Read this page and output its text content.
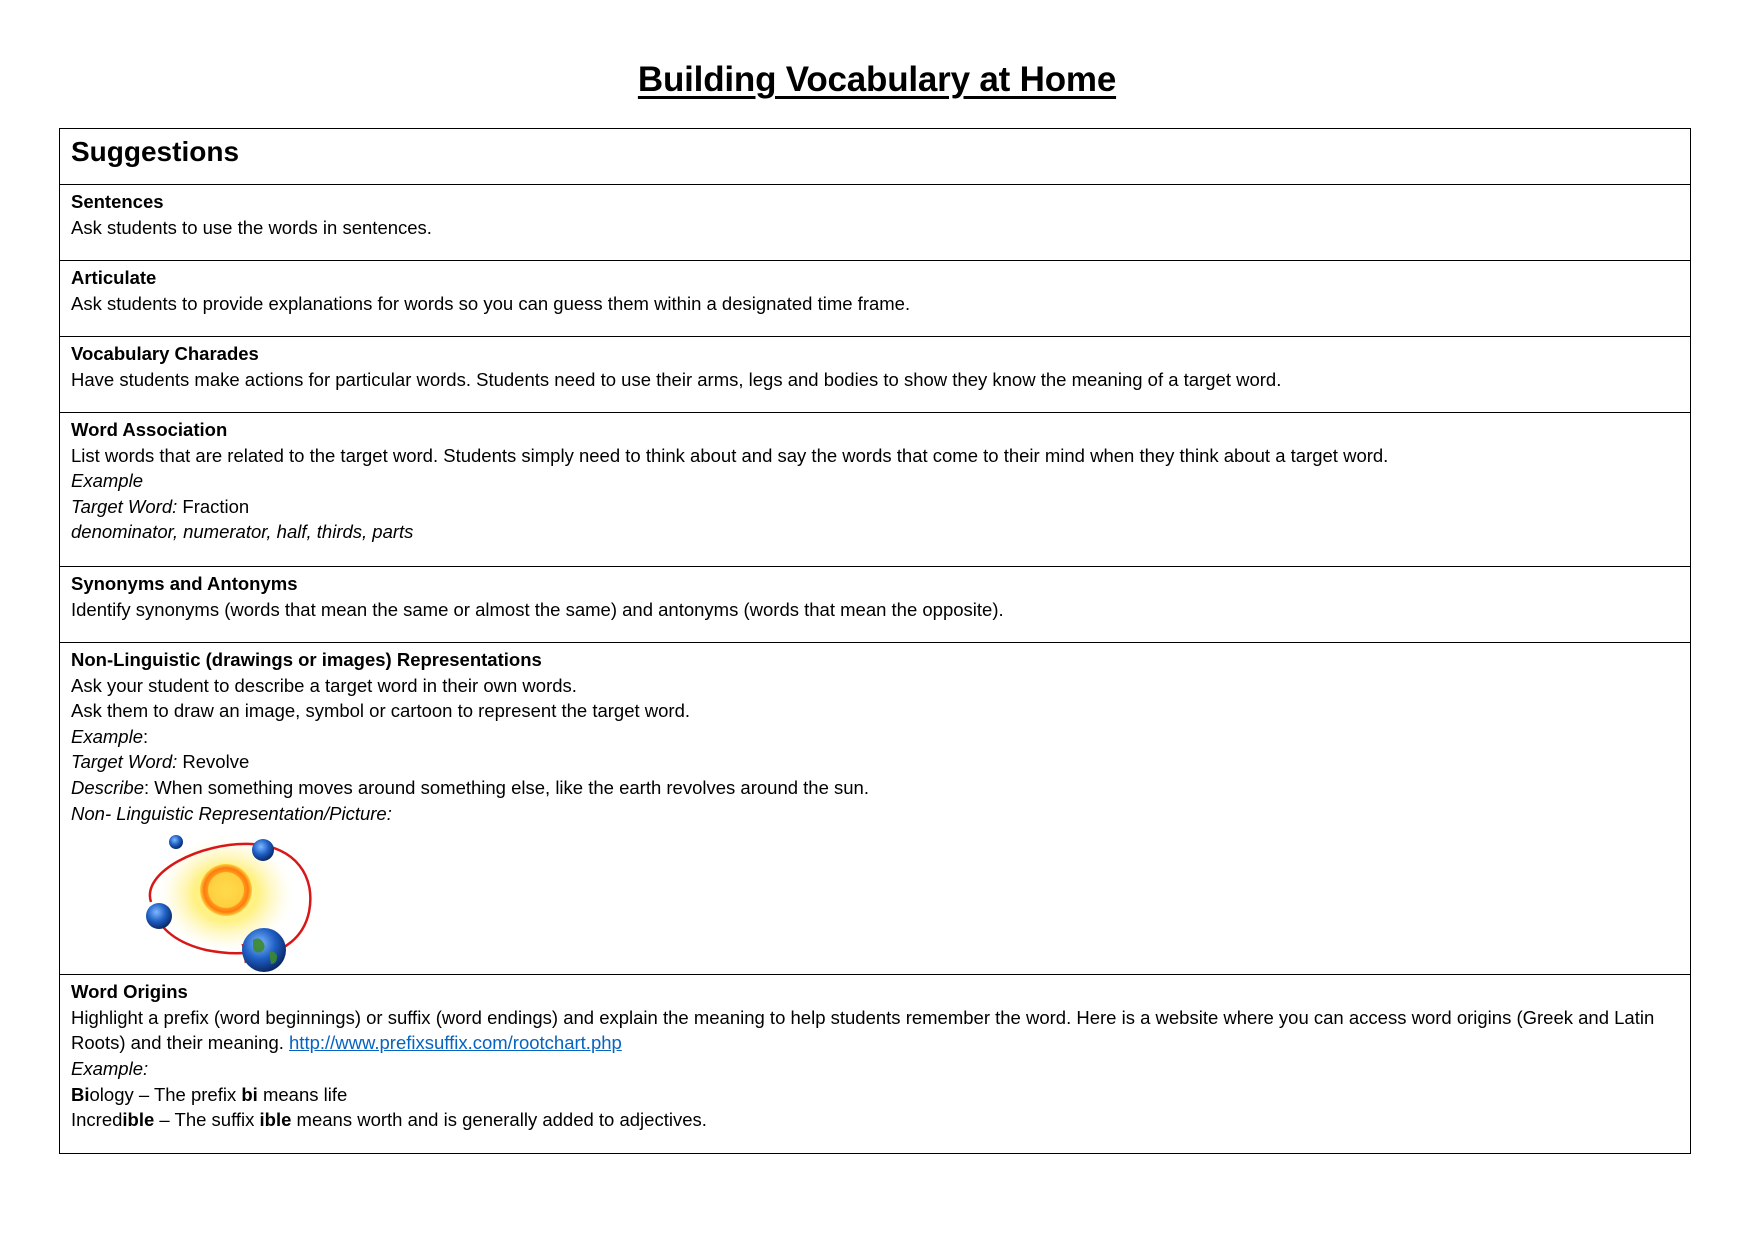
Building Vocabulary at Home
Suggestions

Sentences
Ask students to use the words in sentences.

Articulate
Ask students to provide explanations for words so you can guess them within a designated time frame.

Vocabulary Charades
Have students make actions for particular words. Students need to use their arms, legs and bodies to show they know the meaning of a target word.

Word Association
List words that are related to the target word. Students simply need to think about and say the words that come to their mind when they think about a target word.
Example
Target Word: Fraction
denominator, numerator, half, thirds, parts

Synonyms and Antonyms
Identify synonyms (words that mean the same or almost the same) and antonyms (words that mean the opposite).

Non-Linguistic (drawings or images) Representations
Ask your student to describe a target word in their own words.
Ask them to draw an image, symbol or cartoon to represent the target word.
Example:
Target Word: Revolve
Describe: When something moves around something else, like the earth revolves around the sun.
Non- Linguistic Representation/Picture:

Word Origins
Highlight a prefix (word beginnings) or suffix (word endings) and explain the meaning to help students remember the word. Here is a website where you can access word origins (Greek and Latin Roots) and their meaning. http://www.prefixsuffix.com/rootchart.php
Example:
Biology – The prefix bi means life
Incredible – The suffix ible means worth and is generally added to adjectives.
